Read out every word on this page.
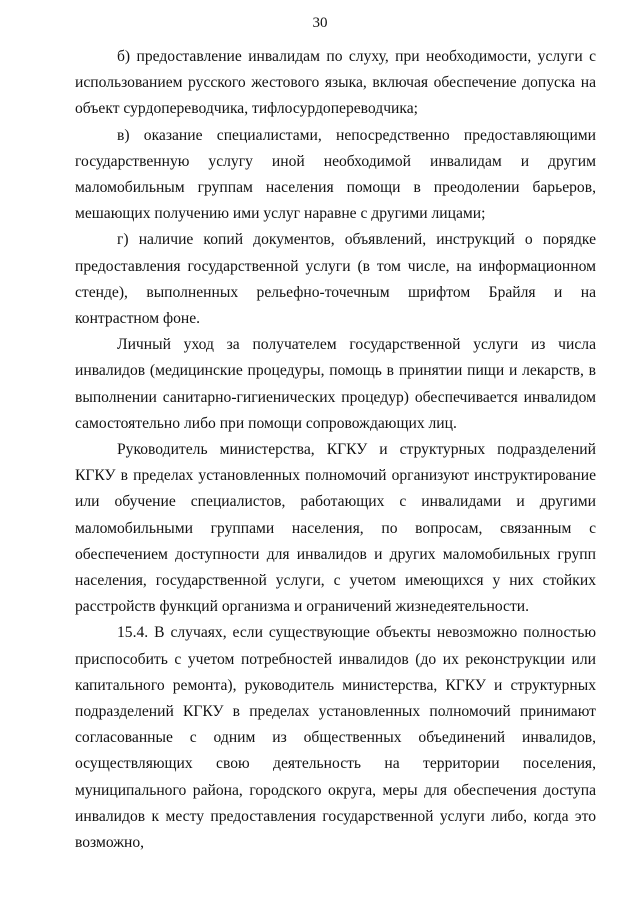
30

б) предоставление инвалидам по слуху, при необходимости, услуги с использованием русского жестового языка, включая обеспечение допуска на объект сурдопереводчика, тифлосурдопереводчика;

в) оказание специалистами, непосредственно предоставляющими государственную услугу иной необходимой инвалидам и другим маломобильным группам населения помощи в преодолении барьеров, мешающих получению ими услуг наравне с другими лицами;

г) наличие копий документов, объявлений, инструкций о порядке предоставления государственной услуги (в том числе, на информационном стенде), выполненных рельефно-точечным шрифтом Брайля и на контрастном фоне.

Личный уход за получателем государственной услуги из числа инвалидов (медицинские процедуры, помощь в принятии пищи и лекарств, в выполнении санитарно-гигиенических процедур) обеспечивается инвалидом самостоятельно либо при помощи сопровождающих лиц.

Руководитель министерства, КГКУ и структурных подразделений КГКУ в пределах установленных полномочий организуют инструктирование или обучение специалистов, работающих с инвалидами и другими маломобильными группами населения, по вопросам, связанным с обеспечением доступности для инвалидов и других маломобильных групп населения, государственной услуги, с учетом имеющихся у них стойких расстройств функций организма и ограничений жизнедеятельности.

15.4. В случаях, если существующие объекты невозможно полностью приспособить с учетом потребностей инвалидов (до их реконструкции или капитального ремонта), руководитель министерства, КГКУ и структурных подразделений КГКУ в пределах установленных полномочий принимают согласованные с одним из общественных объединений инвалидов, осуществляющих свою деятельность на территории поселения, муниципального района, городского округа, меры для обеспечения доступа инвалидов к месту предоставления государственной услуги либо, когда это возможно,
